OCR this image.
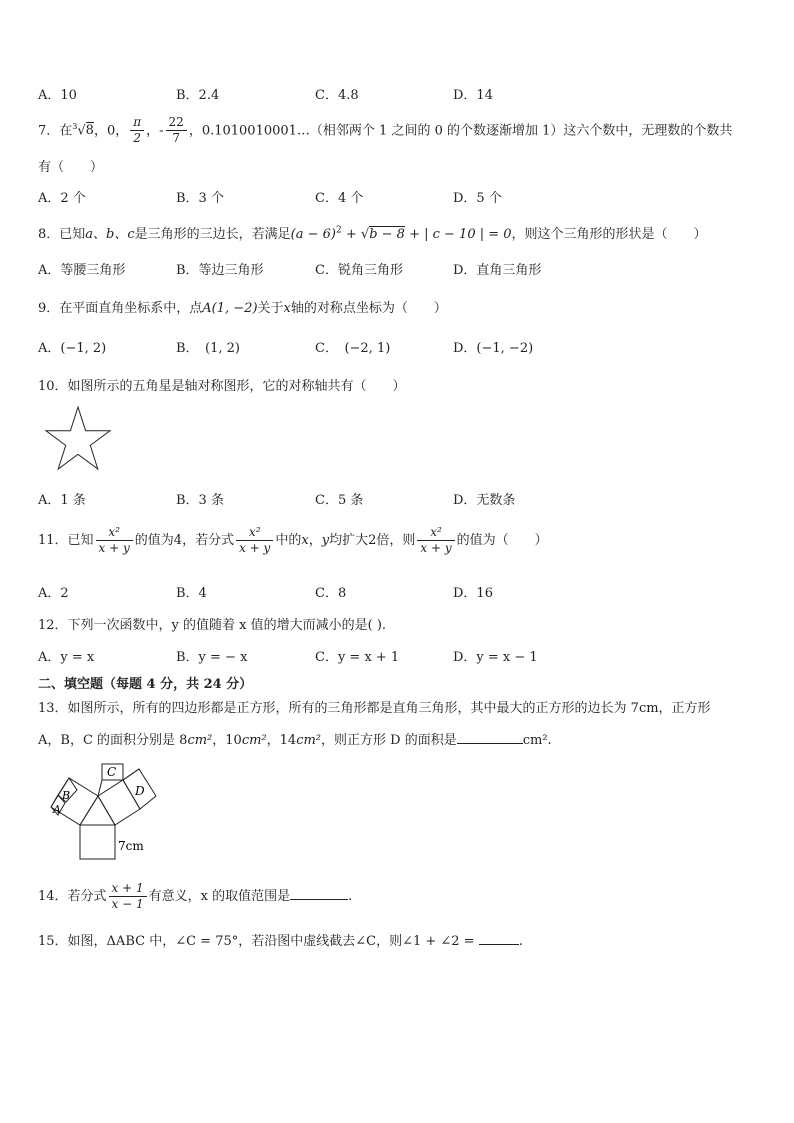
A．10	B．2.4	C．4.8	D．14
7．在$^3$√8，0， $\frac{\pi}{2}$ ，- $\frac{22}{7}$ ，0.1010010001…（相邻两个 1 之间的 0 的个数逐渐增加 1）这六个数中，无理数的个数共
有（　　）
A．2 个	B．3 个	C．4 个	D．5 个
8．已知a、b、c是三角形的三边长，若满足$(a - 6)^2 + √b - 8$ + | c − 10 | = 0，则这个三角形的形状是（　　）
A．等腰三角形	B．等边三角形	C．锐角三角形	D．直角三角形
9．在平面直角坐标系中，点A(1, −2)关于x轴的对称点坐标为（　　）
A．(−1, 2)	B．　(1, 2)	C．　(−2, 1)	D．(−1, −2)
10．如图所示的五角星是轴对称图形，它的对称轴共有（　　）
A．1 条	B．3 条	C．5 条	D．无数条
11．已知 $\frac{\text{x²}}{x + y}$ 的值为4，若分式 $\frac{\text{x²}}{x + y}$ 中的x，y均扩大2倍，则 $\frac{\text{x²}}{x + y}$ 的值为（　　）
A．2	B．4	C．8	D．16
12．下列一次函数中，y 的值随着 x 值的增大而减小的是( ).
A．y = x	B．y = − x	C．y = x + 1	D．y = x − 1
二、填空题（每题 4 分，共 24 分）
13．如图所示，所有的四边形都是正方形，所有的三角形都是直角三角形，其中最大的正方形的边长为 7cm，正方形
A，B，C 的面积分别是 8cm²，10cm²，14cm²，则正方形 D 的面积是	cm².
A
B
C
D
7cm
14．若分式 $\frac{x + 1}{x - 1}$ 有意义，x 的取值范围是	.
15．如图，ΔABC 中，∠C = 75°，若沿图中虚线截去∠C，则∠1 + ∠2 =	.
